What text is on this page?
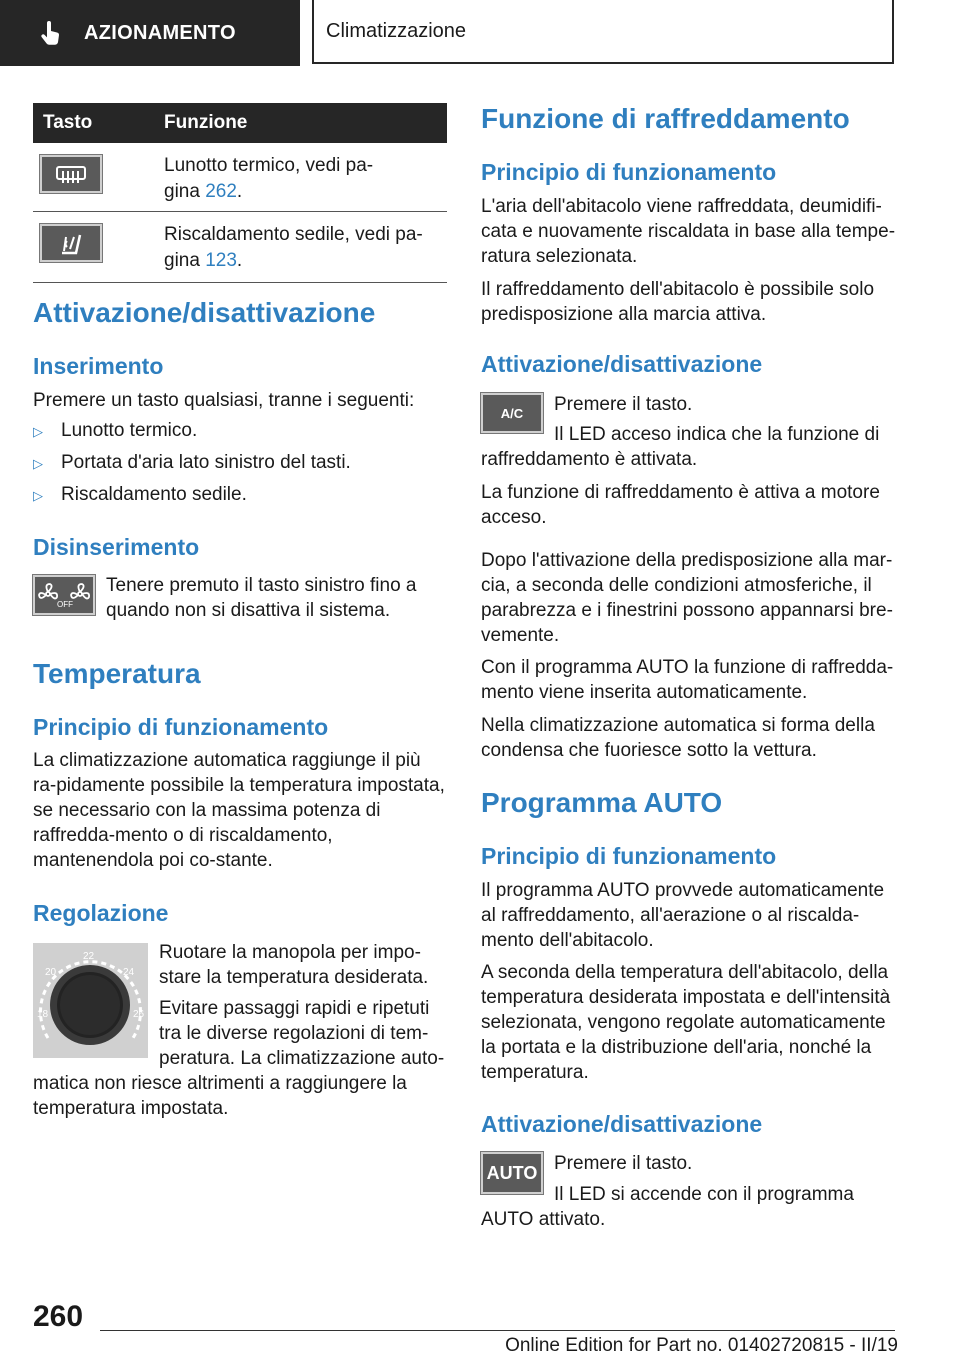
AZIONAMENTO	Climatizzazione
Tasto	Funzione
Lunotto termico, vedi pa-
gina 262.
Riscaldamento sedile, vedi pa-
gina 123.
Attivazione/disattivazione
Inserimento

Premere un tasto qualsiasi, tranne i seguenti:

▷ Lunotto termico.
▷ Portata d'aria lato sinistro del tasti.
▷ Riscaldamento sedile.
Disinserimento
OFF

Tenere premuto il tasto sinistro fino a quando non si disattiva il sistema.

Temperatura
Principio di funzionamento

La climatizzazione automatica raggiunge il più ra-pidamente possibile la temperatura impostata, se necessario con la massima potenza di raffredda-mento o di riscaldamento, mantenendola poi co-stante.

Regolazione
18
20
22
24
26

Ruotare la manopola per impo-stare la temperatura desiderata.

Evitare passaggi rapidi e ripetuti tra le diverse regolazioni di tem-peratura. La climatizzazione auto-matica non riesce altrimenti a raggiungere la temperatura impostata.

Funzione di raffreddamento
Principio di funzionamento

L'aria dell'abitacolo viene raffreddata, deumidifi-cata e nuovamente riscaldata in base alla tempe-ratura selezionata.

Il raffreddamento dell'abitacolo è possibile solo predisposizione alla marcia attiva.

Attivazione/disattivazione
A/C Premere il tasto.

Il LED acceso indica che la funzione di raffreddamento è attivata.

La funzione di raffreddamento è attiva a motore acceso.

Dopo l'attivazione della predisposizione alla mar-cia, a seconda delle condizioni atmosferiche, il parabrezza e i finestrini possono appannarsi bre-vemente.

Con il programma AUTO la funzione di raffredda-mento viene inserita automaticamente.

Nella climatizzazione automatica si forma della condensa che fuoriesce sotto la vettura.

Programma AUTO
Principio di funzionamento

Il programma AUTO provvede automaticamente al raffreddamento, all'aerazione o al riscalda-mento dell'abitacolo.

A seconda della temperatura dell'abitacolo, della temperatura desiderata impostata e dell'intensità selezionata, vengono regolate automaticamente la portata e la distribuzione dell'aria, nonché la temperatura.

Attivazione/disattivazione
AUTO Premere il tasto.

Il LED si accende con il programma AUTO attivato.

260
Online Edition for Part no. 01402720815 - II/19
